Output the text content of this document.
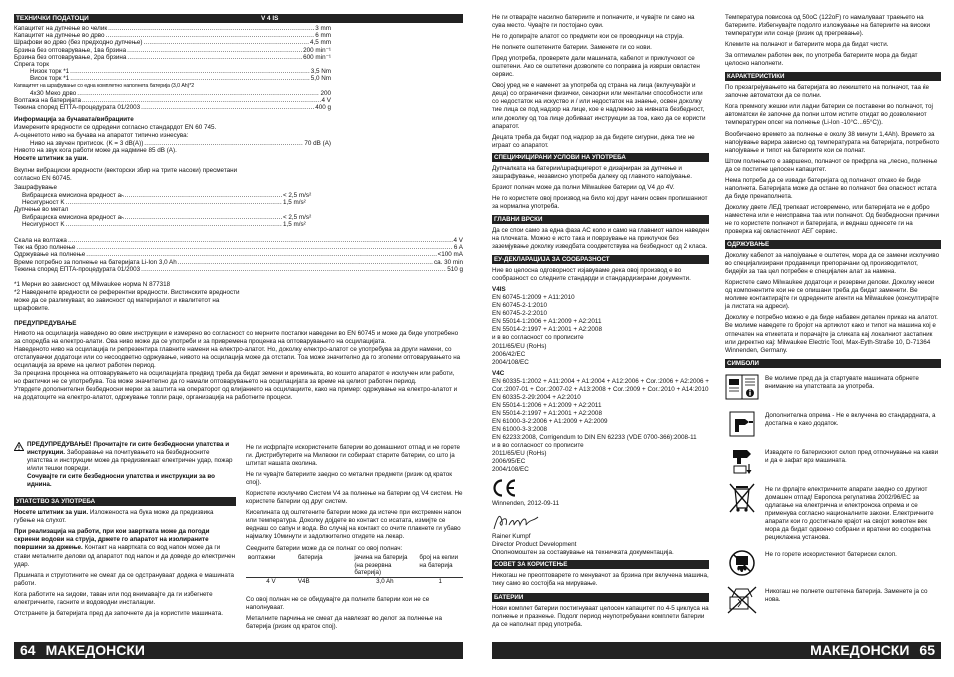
ТЕХНИЧКИ ПОДАТОЦИ	V 4 IS
Капацитет на дупчење во челик .....	3 mm
Капацитет на дупчење во дрво .....	6 mm
Шрафови во дрво (без предходно дупчење) .....	4,5 mm
Брзина без оптоварување, 1ва брзина .....	200 min⁻¹
Брзина без оптоварување, 2ра брзина .....	600 min⁻¹
Спрега торк
Низок торк *1 .....	3,5 Nm
Висок торк *1 .....	5,0 Nm
Капацитет на шрафување со една комплетно наполнета батерија (3,0 Ah)*2
4x30 Меко дрво .....	200
Волтажа на батеријата .....	4 V
Тежина според ЕПТА-процедурата 01/2003 .....	400 g

Информација за бучавата/вибрациите

Измерените вредности се одредени согласно стандардот EN 60 745.

А-оценетото ниво на бучава на апаратот типично изнесува:

Ниво на звучен притисок. (K = 3 dB(A)) .....	70 dB (A)

Нивото на звук кога работи може да надмине 85 dB (A).

Носете штитник за уши.

Вкупни вибрациски вредности (векторски збир на трите насоки) пресметани согласно EN 60745.

Зашрафување

Вибрациска емисиона вредност aₕ .....	< 2,5 m/s²
Несигурност K .....	1,5 m/s²

Дупчење во метал

Вибрациска емисиона вредност aₕ .....	< 2,5 m/s²
Несигурност K .....	1,5 m/s²
Скала на волтажа .....	4 V
Тек на брзо полнење .....	6 A
Одржување на полнење .....	<100 mA
Време потребно за полнење на батеријата Li-Ion 3,0 Ah .....	ca. 30 min
Тежина според ЕПТА-процедурата 01/2003 .....	510 g

*1 Мерни во зависност од Milwaukee норма N 877318

*2 Наведените вредности се референтни вредности. Вистинските вредности може да се разликуваат, во зависност од материјалот и квалитетот на шрафовите.

ПРЕДУПРЕДУВАЊЕ

Нивото на осцилација наведено во овие инструкции е измерено во согласност со мерните постапки наведени во EN 60745 и може да биде употребено за споредба на електро-алати. Ова ниво може да се употреби и за привремена проценка на оптоварувањето на осцилацијата.

Наведеното ниво на осцилација ги репрезентира главните намени на електро-алатот. Но, доколку електро-алатот се употребува за други намени, со отстапувачки додатоци или со несоодветно одржување, нивото на осцилација може да отстапи. Тоа може значително да го зголеми оптоварувањето на осцилација за време на целиот работен период.

За прецизна проценка на оптоварувањето на осцилацијата предвид треба да бидат земени и времињата, во кошито апаратот е исклучен или работи, но фактички не се употребува. Тоа може значително да го намали оптоварувањето на осцилацијата за време на целиот работен период.

Утврдете дополнителни безбедносни мерки за заштита на операторот од влијанието на осцилациите, како на пример: одржување на електро-алатот и на додатоците на електро-алатот, одржување топли раце, организација на работните процеси.

ПРЕДУПРЕДУВАЊЕ! Прочитајте ги сите безбедносни упатства и инструкции. Заборавање на почитувањето на безбедносните упатства и инструкции може да предизвикаат електричен удар, пожар и/или тешки повреди.

Сочувајте ги сите безбедносни упатства и инструкции за во иднина.

УПАТСТВО ЗА УПОТРЕБА

Носете штитник за уши. Изложеноста на бука може да предизвика губење на слухот.

При реализација на работи, при кои завртката може да погоди скриени водови на струја, држете го апаратот на изолираните површини за држење. Контакт на навртката со вод напон може да ги стави металните делови од апаратот под напон и да доведе до електричен удар.

Пршината и струготините не смеат да се одстрануваат додека е машината работи.

Кога работите на ѕидови, таван или под внимавајте да ги избегнете електричните, гасните и водоводни инсталации.

Отстранете ја батеријата пред да започнете да ја користите машината.

Не ги исфрлајте искористените батерии во домашниот отпад и не горете ги. Дистрибутерите на Милвоки ги собираат старите батерии, со што ја штитат нашата околина.

Не ги чувајте батериите заедно со метални предмети (ризик од краток спој).

Користете исклучиво Систем V4 за полнење на батерии од V4 систем. Не користете батерии од друг систем.

Киселината од оштетените батерии може да истече при екстремен напон или температура. Доколку дојдете во контакт со исатата, измијте се веднаш со сапун и вода. Во случај на контакт со очите плакнете ги убаво најмалку 10минути и задолжително отидете на лекар.

Сеедните батерии може да се полнат со овој полнач:

волтажни	батерија	јачина на батерија (на резервна батерија)	број на келии на батерија
4 V	V4B	3,0 Ah	1

Со овој полнач не се обидувајте да полните батерии кои не се наполнуваат.

Металните парчиња не смеат да навлезат во делот за полнење на батерија (ризик од краток спој).

64 МАКЕДОНСКИ

Не ги отварајте насилно батериите и полначите, и чувајте ги само на сува место. Чувајте ги постојано суви.

Не го допирајте алатот со предмети кои се проводници на струја.

Не полнете оштетените батерии. Заменете ги со нови.

Пред употреба, проверете дали машината, кабелот и приклучокот се оштетени. Ако се оштетени дозволете со поправка ја изврши овластен сервис.

Овој уред не е наменет за употреба од страна на лица (вклучувајќи и деца) со ограничени физички, сензорни или ментални способности или со недостаток на искуство и / или недостаток на знаење, освен доколку тие лица се под надзор на лице, кое е надлежно за нивната безбедност, или доколку од тоа лице добиваат инструкции за тоа, како да се користи апаратот.

Децата треба да бидат под надзор за да бидете сигурни, дека тие не играат со апаратот.

СПЕЦИФИЦИРАНИ УСЛОВИ НА УПОТРЕБА

Дупчалката на батерии/шрафцигерот е дизајниран за дупчење и зашрафување, независно употреба далеку од главното напојување.

Брзиот полнач може да полни Milwaukee батерии од V4 до 4V.

Не го користете овој производ на било кој друг начин освен пропишаниот за нормална употреба.

ГЛАВНИ ВРСКИ

Да се спои само за една фаза АС коло и само на главниот напон наведен на плочката. Можно е исто така и поврзување на приклучок без заземјување доколку изведбата соодветствува на безбедност од 2 класа.

ЕУ-ДЕКЛАРАЦИЈА ЗА СООБРАЗНОСТ

Ние во целосна одговорност изјавуваме дека овој производ е во сообразност со следните стандарди и стандардизирани документи.

V4IS

EN 60745-1:2009 + A11:2010
EN 60745-2-1:2010
EN 60745-2-2:2010
EN 55014-1:2006 + A1:2009 + A2:2011
EN 55014-2:1997 + A1:2001 + A2:2008
и в во согласност со прописите
2011/65/EU (RoHs)
2006/42/EC
2004/108/EC

V4C

EN 60335-1:2002 + A11:2004 + A1:2004 + A12:2006 + Cor.:2006 + A2:2006 + Cor.:2007-01 + Cor.:2007-02 + A13:2008 + Cor.:2009 + Cor.:2010 + A14:2010
EN 60335-2-29:2004 + A2:2010
EN 55014-1:2006 + A1:2009 + A2:2011
EN 55014-2:1997 + A1:2001 + A2:2008
EN 61000-3-2:2006 + A1:2009 + A2:2009
EN 61000-3-3:2008
EN 62233:2008, Corrigendum to DIN EN 62233 (VDE 0700-366):2008-11
и в во согласност со прописите
2011/65/EU (RoHs)
2006/95/EC
2004/108/EC

Winnenden, 2012-09-11

Rainer Kumpf

Director Product Development

Ополномоштен за составување на техничката документација.

СОВЕТ ЗА КОРИСТЕЊЕ

Никогаш не преоптоварете го менувачот за брзина при вклучена машина, тику само во состојба на мирување.

БАТЕРИИ

Нови комплет батерии постигнуваат целосен капацитет по 4-5 циклуса на полнење и празнење. Подолг период неупотребувани комплети батерии да се наполнат пред употреба.

Температура повисока од 50oC (122oF) го намалуваат траењето на батериите. Избегнувајте подолго изложување на батериите на високи температури или сонце (ризик од прегревање).

Клемите на полначот и батериите мора да бидат чисти.

За оптимален работен век, по употреба батериите мора да бидат целосно наполнети.

КАРАКТЕРИСТИКИ

По презагрејувањето на батеријата во лежиштето на полначот, таа ќе започне автоматски да се полни.

Кога премногу жешки или ладни батерии се поставени во полначот, тој автоматски ќе започне да полни штом истите отидат во дозволениот температурен опсег на полнење (Li-Ion -10°C...65°C)).

Вообичаено времето за полнење е околу 38 минути 1,4Ah). Времето за напојување варира зависно од температурата на батеријата, потребното напојување и типот на батериите кои се полнат.

Штом полнењето е завршено, полначот се префрла на „лесно„ полнење да се постигне целосен капацитет.

Нема потреба да се извади батеријата од полначот откако ќе биде наполнета. Батеријата може да остане во полначот без опасност истата да биде пренаполнета.

Доколку двете ЛЕД трепкаат истовремено, или батеријата не е добро наместена или е неисправна таа или полначот. Од безбедносни причини не го користете полначот и батеријата, и веднаш однесете ги на проверка кај овластениот АЕГ сервис.

ОДРЖУВАЊЕ

Доколку кабелот за напојување е оштетен, мора да се замени исклучиво во специјализирани продавници препорачани од производителот, бидејќи за таа цел потребен е специјален алат за намена.

Користете само Milwaukee додатоци и резервни делови. Доколку некои од компонентите кои не се опишани треба да бидат заменети. Ве молиме контактирајте ги одредените агенти на Milwaukee (консултирајте ја листата на адреси).

Доколку е потребно можно е да биде набавен детален приказ на алатот. Ве молиме наведете го бројот на артиклот како и типот на машина кој е отпечатен на етикетата и порачајте ја сликата кај локалниот застапник или директно кај: Milwaukee Electric Tool, Max-Eyth-Straße 10, D-71364 Winnenden, Germany.

СИМБОЛИ
Ве молиме пред да ја стартувате машината обрнете внимание на упатствата за употреба.
Дополнителна опрема - Не е вклучена во стандардната, а достапна е како додаток.
Извадете го батерискиот склоп пред отпочнување на какви и да е зафат врз машината.
Не ги фрлајте електричните апарати заедно со другиот домашен отпад! Европска регулатива 2002/96/ЕС за одлагање на електрична и електронска опрема и се применува согласно националните закони. Електричните апарати кои го достигнале крајот на својот животен век мора да бидат одвоено собрани и вратени во соодветна рециклажна установа.
Не го горете искористениот батериски склоп.
Никогаш не полнете оштетена батерија. Заменете ја со нова.
МАКЕДОНСКИ 65
